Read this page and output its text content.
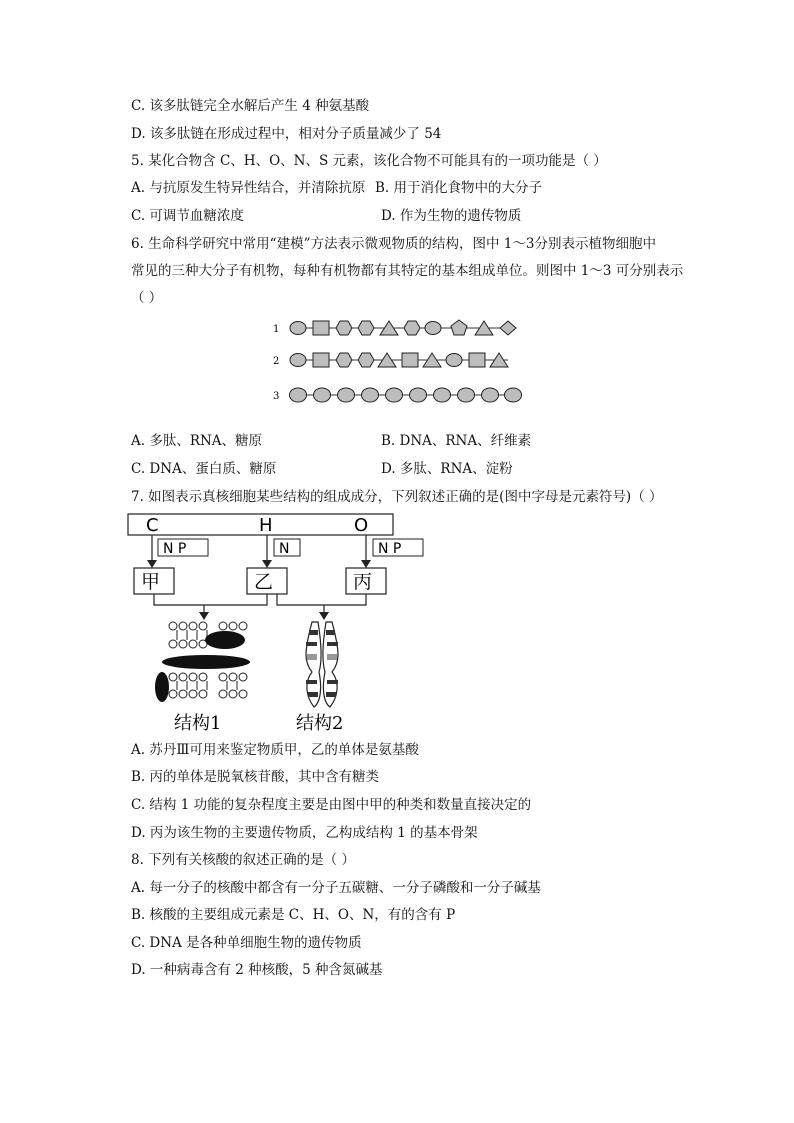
C. 该多肽链完全水解后产生 4 种氨基酸
D. 该多肽链在形成过程中，相对分子质量减少了 54
5. 某化合物含 C、H、O、N、S 元素，该化合物不可能具有的一项功能是（ ）
A. 与抗原发生特异性结合，并清除抗原 B. 用于消化食物中的大分子
C. 可调节血糖浓度	D. 作为生物的遗传物质
6. 生命科学研究中常用“建模”方法表示微观物质的结构，图中 1～3分别表示植物细胞中
常见的三种大分子有机物，每种有机物都有其特定的基本组成单位。则图中 1～3 可分别表示
（ ）
1
2
3
A. 多肽、RNA、糖原	B. DNA、RNA、纤维素
C. DNA、蛋白质、糖原	D. 多肽、RNA、淀粉
7. 如图表示真核细胞某些结构的组成成分，下列叙述正确的是(图中字母是元素符号)（ ）
C	H	O
N P	N	N P
甲	乙	丙
结构1	结构2
A. 苏丹Ⅲ可用来鉴定物质甲，乙的单体是氨基酸
B. 丙的单体是脱氧核苷酸，其中含有糖类
C. 结构 1 功能的复杂程度主要是由图中甲的种类和数量直接决定的
D. 丙为该生物的主要遗传物质，乙构成结构 1 的基本骨架
8. 下列有关核酸的叙述正确的是（ ）
A. 每一分子的核酸中都含有一分子五碳糖、一分子磷酸和一分子碱基
B. 核酸的主要组成元素是 C、H、O、N，有的含有 P
C. DNA 是各种单细胞生物的遗传物质
D. 一种病毒含有 2 种核酸，5 种含氮碱基
